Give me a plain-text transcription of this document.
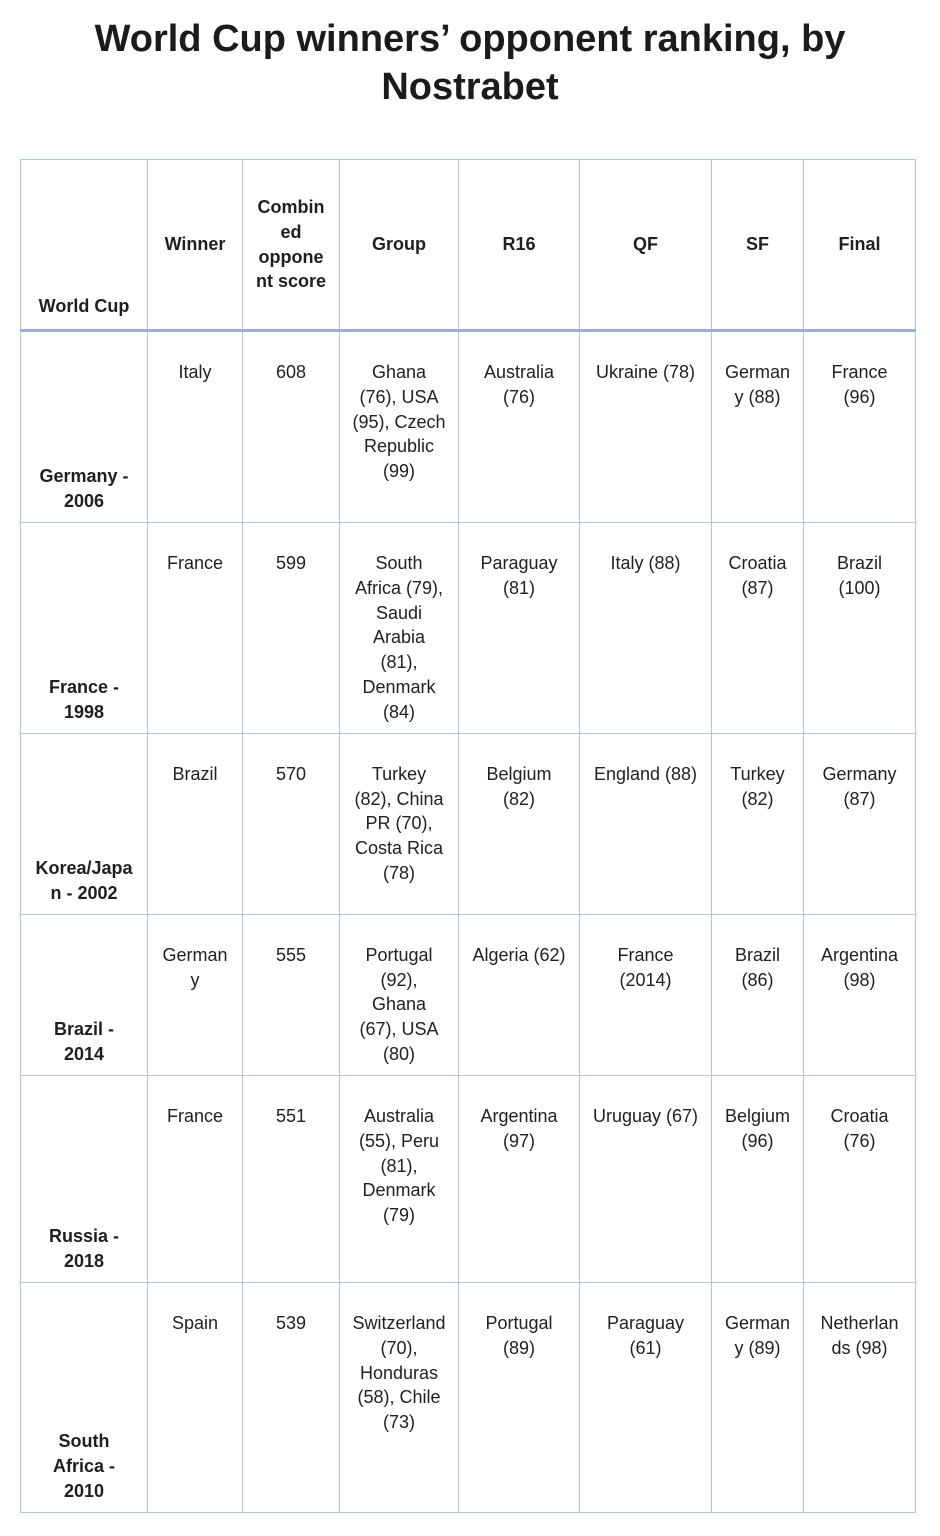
World Cup winners’ opponent ranking, by Nostrabet
World Cup	Winner	Combined opponent score	Group	R16	QF	SF	Final
Germany - 2006	Italy	608	Ghana (76), USA (95), Czech Republic (99)	Australia (76)	Ukraine (78)	Germany (88)	France (96)
France - 1998	France	599	South Africa (79), Saudi Arabia (81), Denmark (84)	Paraguay (81)	Italy (88)	Croatia (87)	Brazil (100)
Korea/Japan - 2002	Brazil	570	Turkey (82), China PR (70), Costa Rica (78)	Belgium (82)	England (88)	Turkey (82)	Germany (87)
Brazil - 2014	Germany	555	Portugal (92), Ghana (67), USA (80)	Algeria (62)	France (2014)	Brazil (86)	Argentina (98)
Russia - 2018	France	551	Australia (55), Peru (81), Denmark (79)	Argentina (97)	Uruguay (67)	Belgium (96)	Croatia (76)
South Africa - 2010	Spain	539	Switzerland (70), Honduras (58), Chile (73)	Portugal (89)	Paraguay (61)	Germany (89)	Netherlands (98)
